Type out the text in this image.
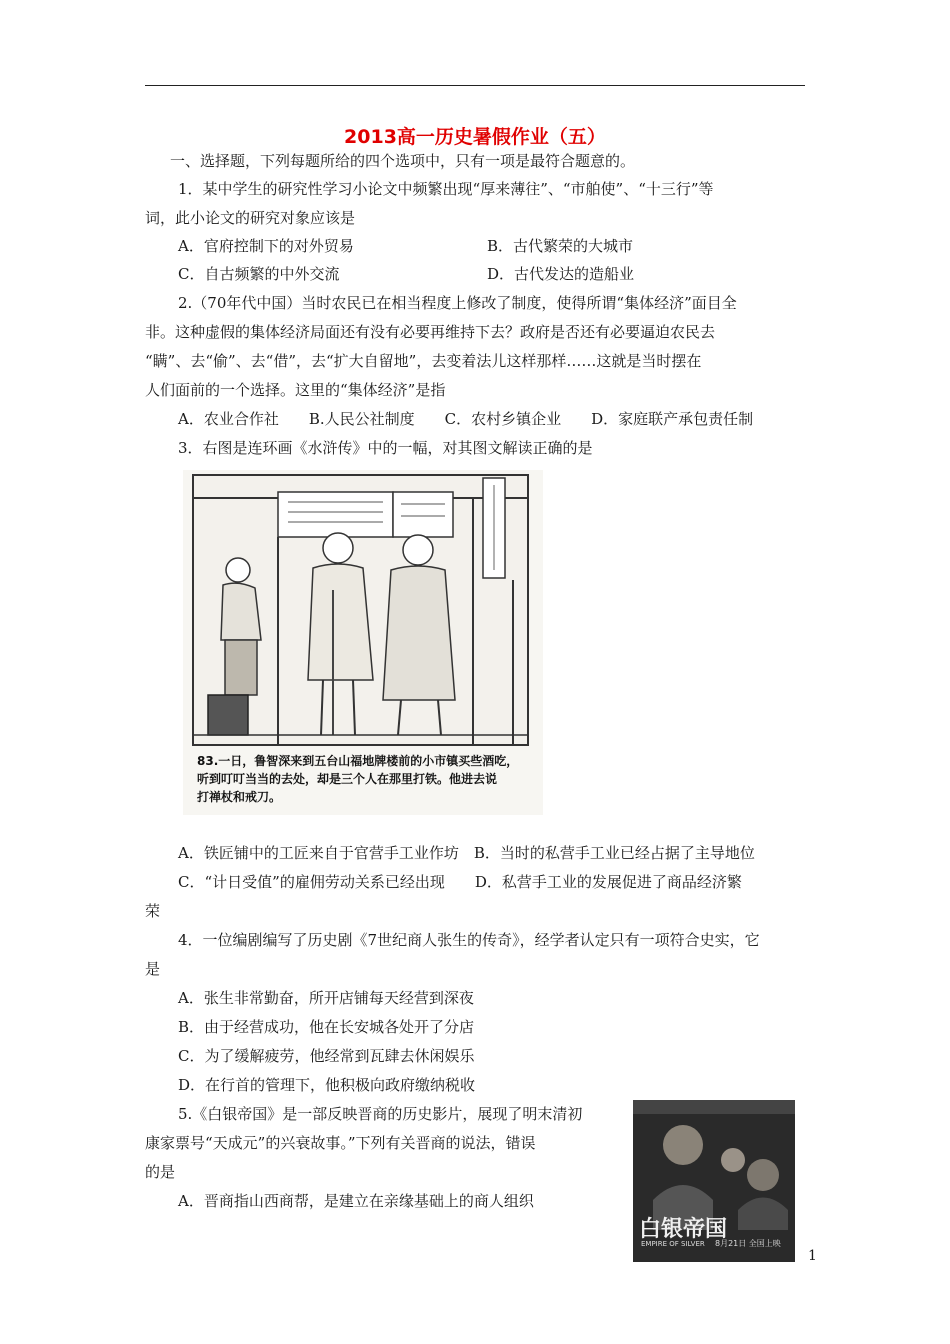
2013高一历史暑假作业（五）
一、选择题，下列每题所给的四个选项中，只有一项是最符合题意的。
1．某中学生的研究性学习小论文中频繁出现“厚来薄往”、“市舶使”、“十三行”等
词，此小论文的研究对象应该是
A．官府控制下的对外贸易	B．古代繁荣的大城市
C．自古频繁的中外交流	D．古代发达的造船业
2.（70年代中国）当时农民已在相当程度上修改了制度，使得所谓“集体经济”面目全
非。这种虚假的集体经济局面还有没有必要再维持下去？政府是否还有必要逼迫农民去
“瞒”、去“偷”、去“借”，去“扩大自留地”，去变着法儿这样那样……这就是当时摆在
人们面前的一个选择。这里的“集体经济”是指
A．农业合作社　　B.人民公社制度　　C．农村乡镇企业　　D．家庭联产承包责任制
3．右图是连环画《水浒传》中的一幅，对其图文解读正确的是
83.一日，鲁智深来到五台山福地牌楼前的小市镇买些酒吃，
听到叮叮当当的去处，却是三个人在那里打铁。他进去说
打禅杖和戒刀。
A．铁匠铺中的工匠来自于官营手工业作坊　B．当时的私营手工业已经占据了主导地位
C．“计日受值”的雇佣劳动关系已经出现　　D．私营手工业的发展促进了商品经济繁
荣
4．一位编剧编写了历史剧《7世纪商人张生的传奇》，经学者认定只有一项符合史实，它
是
A．张生非常勤奋，所开店铺每天经营到深夜
B．由于经营成功，他在长安城各处开了分店
C．为了缓解疲劳，他经常到瓦肆去休闲娱乐
D．在行首的管理下，他积极向政府缴纳税收
5.《白银帝国》是一部反映晋商的历史影片，展现了明末清初
康家票号“天成元”的兴衰故事。”下列有关晋商的说法，错误
的是
A．晋商指山西商帮，是建立在亲缘基础上的商人组织
白银帝国
EMPIRE OF SILVER 8月21日 全国上映
1
